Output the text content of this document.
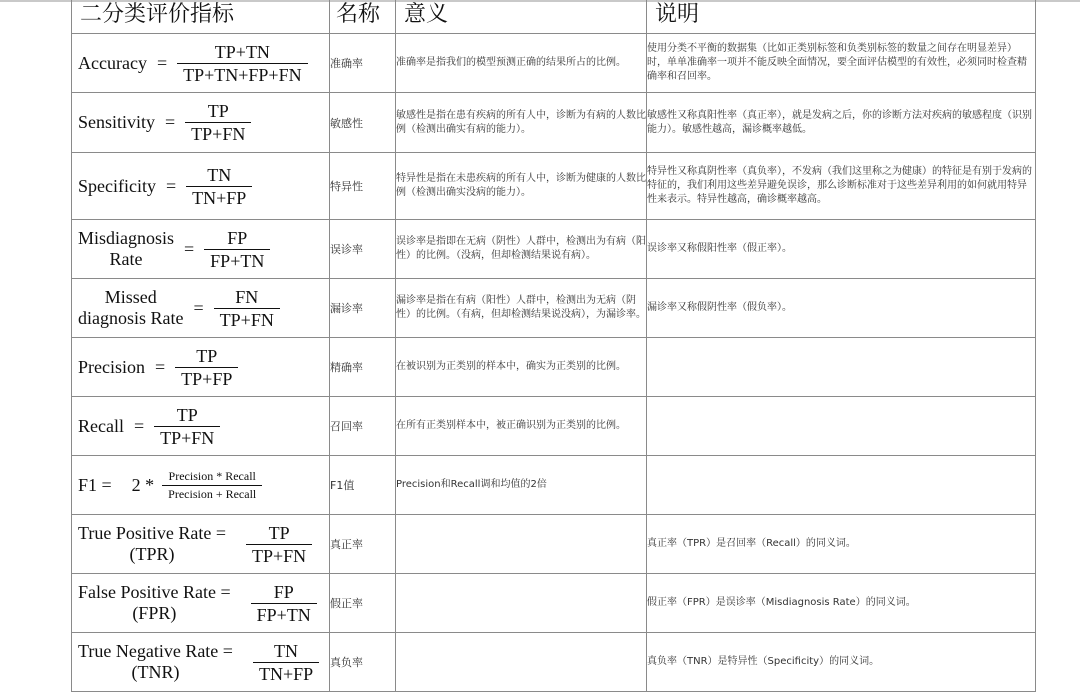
二分类评价指标	名称	意义	说明

Accuracy = $\frac{TP+TN}{TP+TN+FP+FN}$	准确率	准确率是指我们的模型预测正确的结果所占的比例。	使用分类不平衡的数据集（比如正类别标签和负类别标签的数量之间存在明显差异）时，单单准确率一项并不能反映全面情况，要全面评估模型的有效性，必须同时检查精确率和召回率。

Sensitivity = $\frac{TP}{TP+FN}$	敏感性	敏感性是指在患有疾病的所有人中，诊断为有病的人数比例（检测出确实有病的能力）。	敏感性又称真阳性率（真正率），就是发病之后，你的诊断方法对疾病的敏感程度（识别能力）。敏感性越高，漏诊概率越低。

Specificity = $\frac{TN}{TN+FP}$	特异性	特异性是指在未患疾病的所有人中，诊断为健康的人数比例（检测出确实没病的能力）。	特异性又称真阴性率（真负率），不发病（我们这里称之为健康）的特征是有别于发病的特征的，我们利用这些差异避免误诊，那么诊断标准对于这些差异利用的如何就用特异性来表示。特异性越高，确诊概率越高。

Misdiagnosis
Rate
= $\frac{FP}{FP+TN}$	误诊率	误诊率是指即在无病（阴性）人群中，检测出为有病（阳性）的比例。（没病，但却检测结果说有病）。	误诊率又称假阳性率（假正率）。

Missed
diagnosis Rate
= $\frac{FN}{TP+FN}$	漏诊率	漏诊率是指在有病（阳性）人群中，检测出为无病（阴性）的比例。（有病，但却检测结果说没病），为漏诊率。	漏诊率又称假阴性率（假负率）。

Precision = $\frac{TP}{TP+FP}$	精确率	在被识别为正类别的样本中，确实为正类别的比例。	

Recall = $\frac{TP}{TP+FN}$	召回率	在所有正类别样本中，被正确识别为正类别的比例。	

$F1 = 2 * \frac{\text{Precision * Recall}}{\text{Precision + Recall}}$	F1值	Precision和Recall调和均值的2倍	

True Positive Rate =
$(TPR) \frac{TP}{TP+FN}$	真正率		真正率（TPR）是召回率（Recall）的同义词。

False Positive Rate =
$(FPR) \frac{FP}{FP+TN}$	假正率		假正率（FPR）是误诊率（Misdiagnosis Rate）的同义词。

True Negative Rate =
$(TNR) \frac{TN}{TN+FP}$	真负率		真负率（TNR）是特异性（Specificity）的同义词。
